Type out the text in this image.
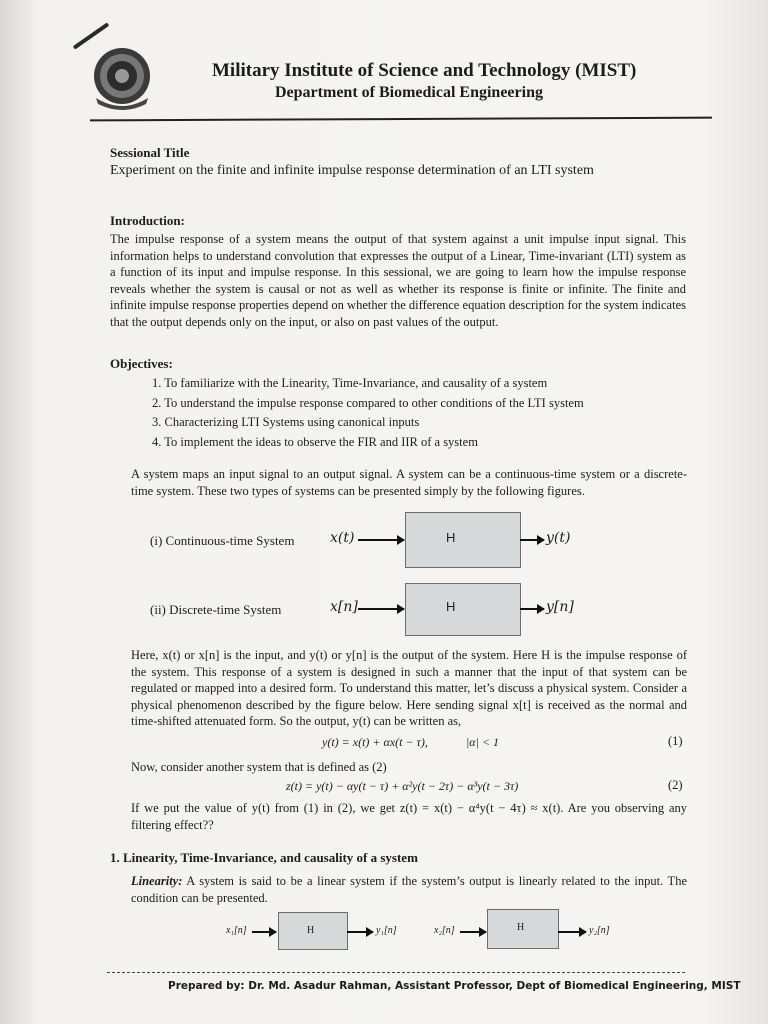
Military Institute of Science and Technology (MIST)
Department of Biomedical Engineering
Sessional Title
Experiment on the finite and infinite impulse response determination of an LTI system
Introduction:
The impulse response of a system means the output of that system against a unit impulse input signal. This information helps to understand convolution that expresses the output of a Linear, Time-invariant (LTI) system as a function of its input and impulse response. In this sessional, we are going to learn how the impulse response reveals whether the system is causal or not as well as whether its response is finite or infinite. The finite and infinite impulse response properties depend on whether the difference equation description for the system indicates that the output depends only on the input, or also on past values of the output.
Objectives:
1. To familiarize with the Linearity, Time-Invariance, and causality of a system
2. To understand the impulse response compared to other conditions of the LTI system
3. Characterizing LTI Systems using canonical inputs
4. To implement the ideas to observe the FIR and IIR of a system
A system maps an input signal to an output signal. A system can be a continuous-time system or a discrete-time system. These two types of systems can be presented simply by the following figures.
(i) Continuous-time System	x(t)	H	y(t)
(ii) Discrete-time System	x[n]	H	y[n]
Here, x(t) or x[n] is the input, and y(t) or y[n] is the output of the system. Here H is the impulse response of the system. This response of a system is designed in such a manner that the input of that system can be regulated or mapped into a desired form. To understand this matter, let’s discuss a physical system. Consider a physical phenomenon described by the figure below. Here sending signal x[t] is received as the normal and time-shifted attenuated form. So the output, y(t) can be written as,
y(t) = x(t) + αx(t − τ),	|α| < 1	(1)
Now, consider another system that is defined as (2)
z(t) = y(t) − αy(t − τ) + α²y(t − 2τ) − α³y(t − 3τ)	(2)
If we put the value of y(t) from (1) in (2), we get z(t) = x(t) − α⁴y(t − 4τ) ≈ x(t). Are you observing any filtering effect??
1. Linearity, Time-Invariance, and causality of a system
Linearity: A system is said to be a linear system if the system’s output is linearly related to the input. The condition can be presented.
x₁[n]	H	y₁[n]	x₂[n]	H	y₂[n]
Prepared by: Dr. Md. Asadur Rahman, Assistant Professor, Dept of Biomedical Engineering, MIST
